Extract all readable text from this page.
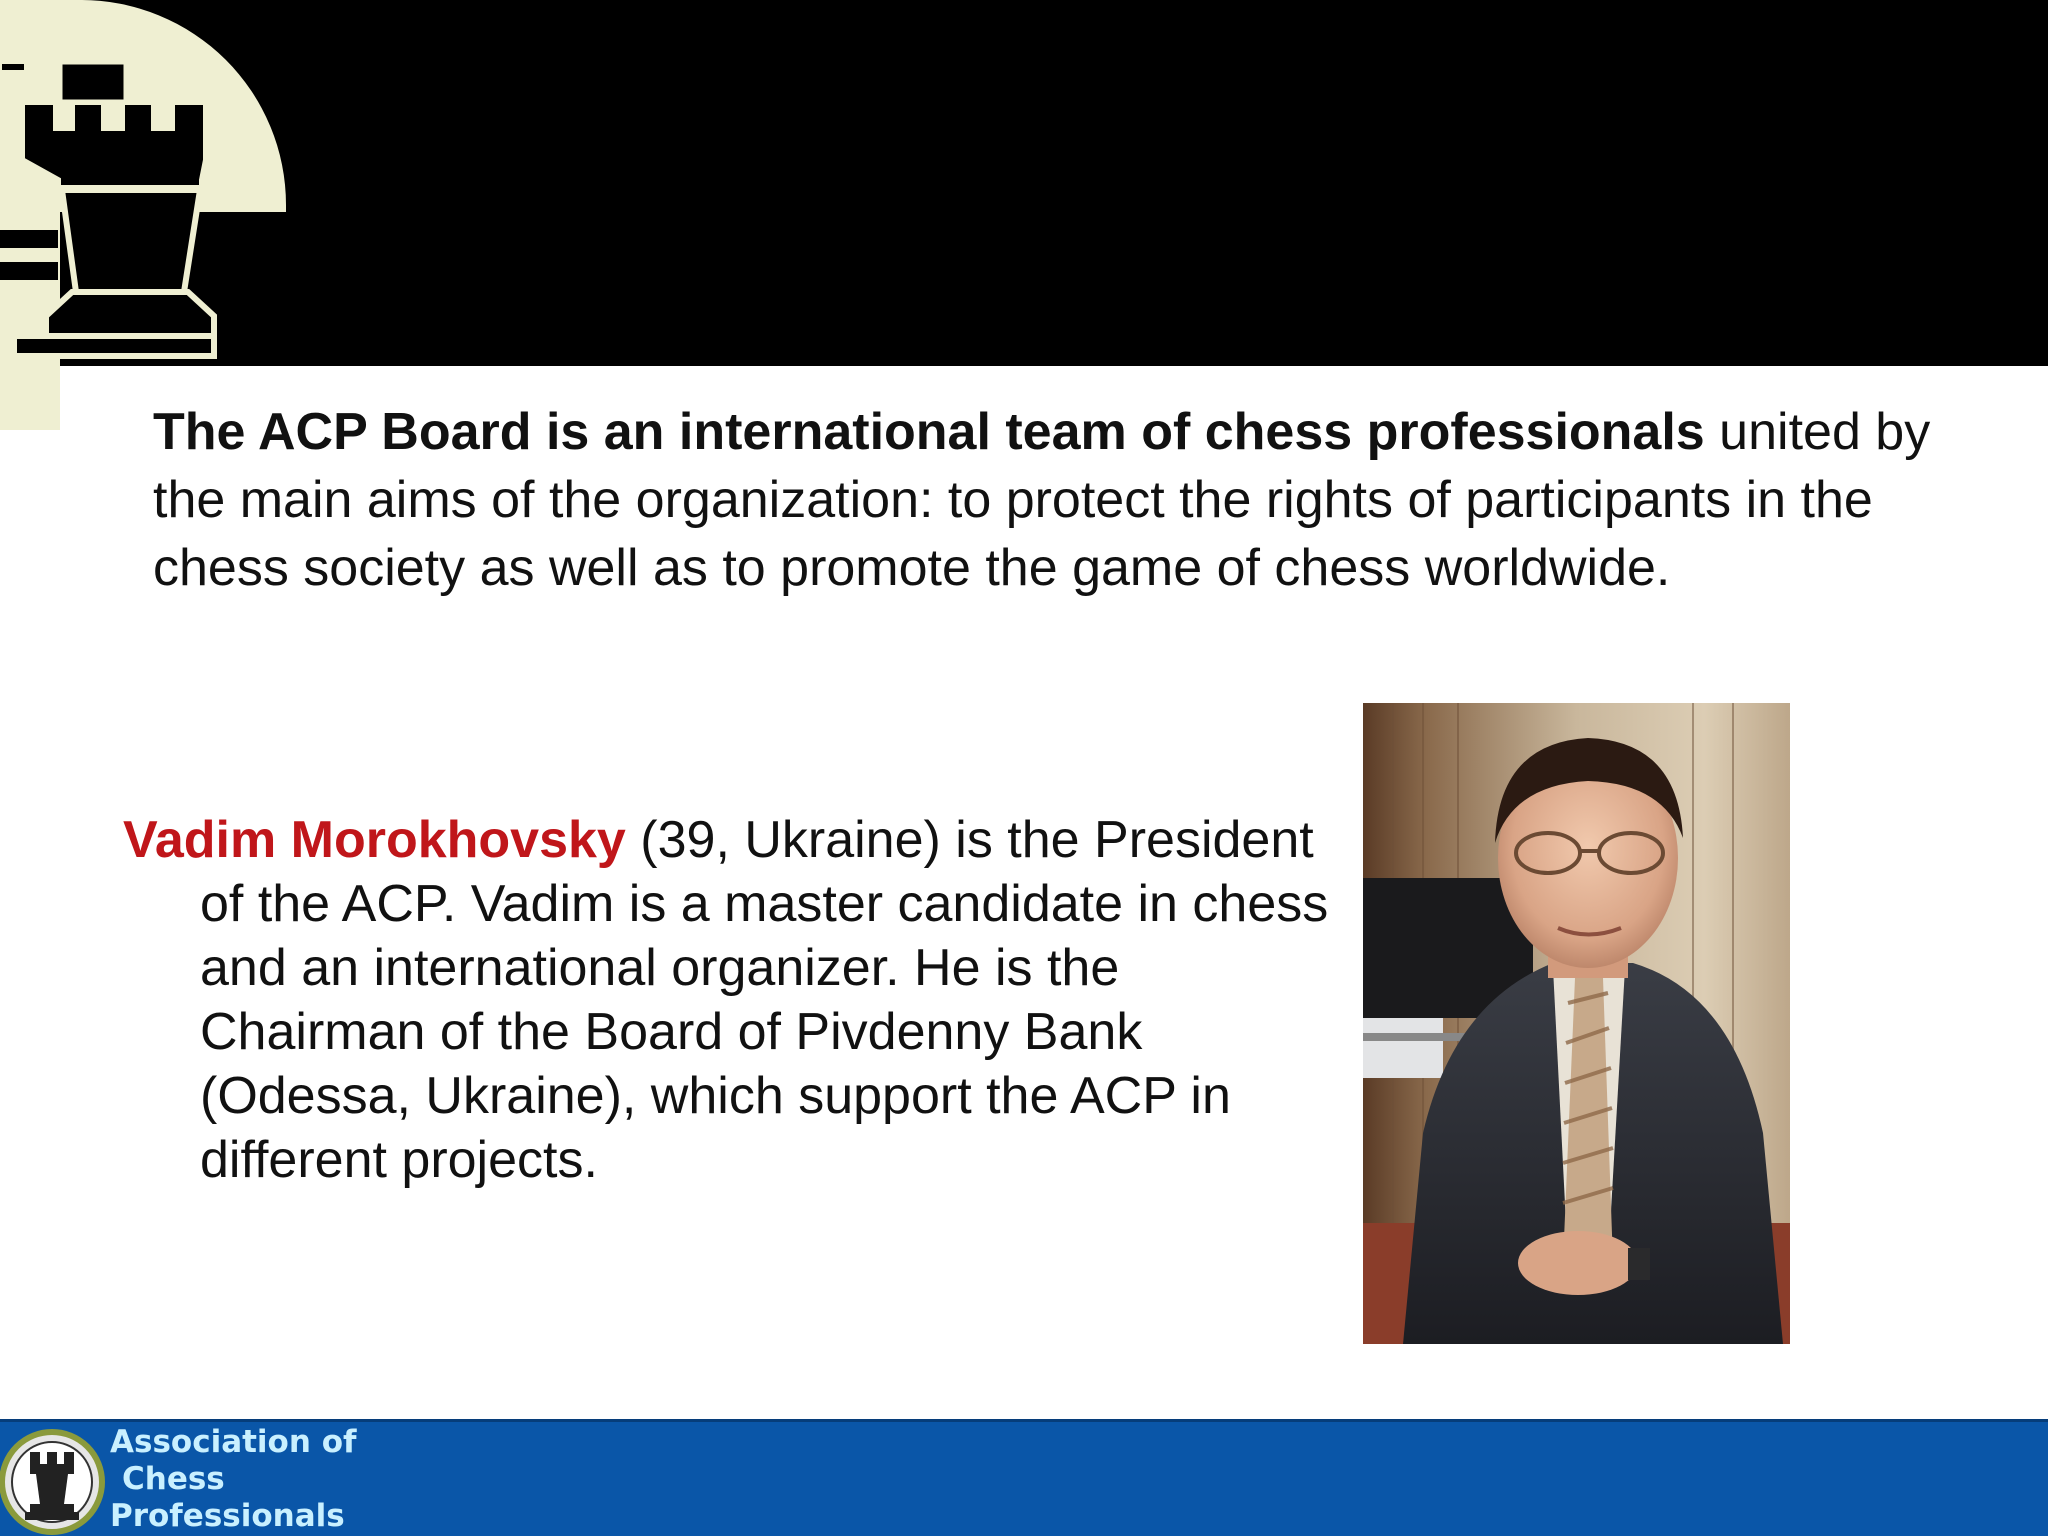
The ACP Board is an international team of chess professionals united by the main aims of the organization: to protect the rights of participants in the chess society as well as to promote the game of chess worldwide.
Vadim Morokhovsky (39, Ukraine) is the President of the ACP. Vadim is a master candidate in chess and an international organizer. He is the Chairman of the Board of Pivdenny Bank (Odessa, Ukraine), which support the ACP in different projects.
Association of
Chess
Professionals
